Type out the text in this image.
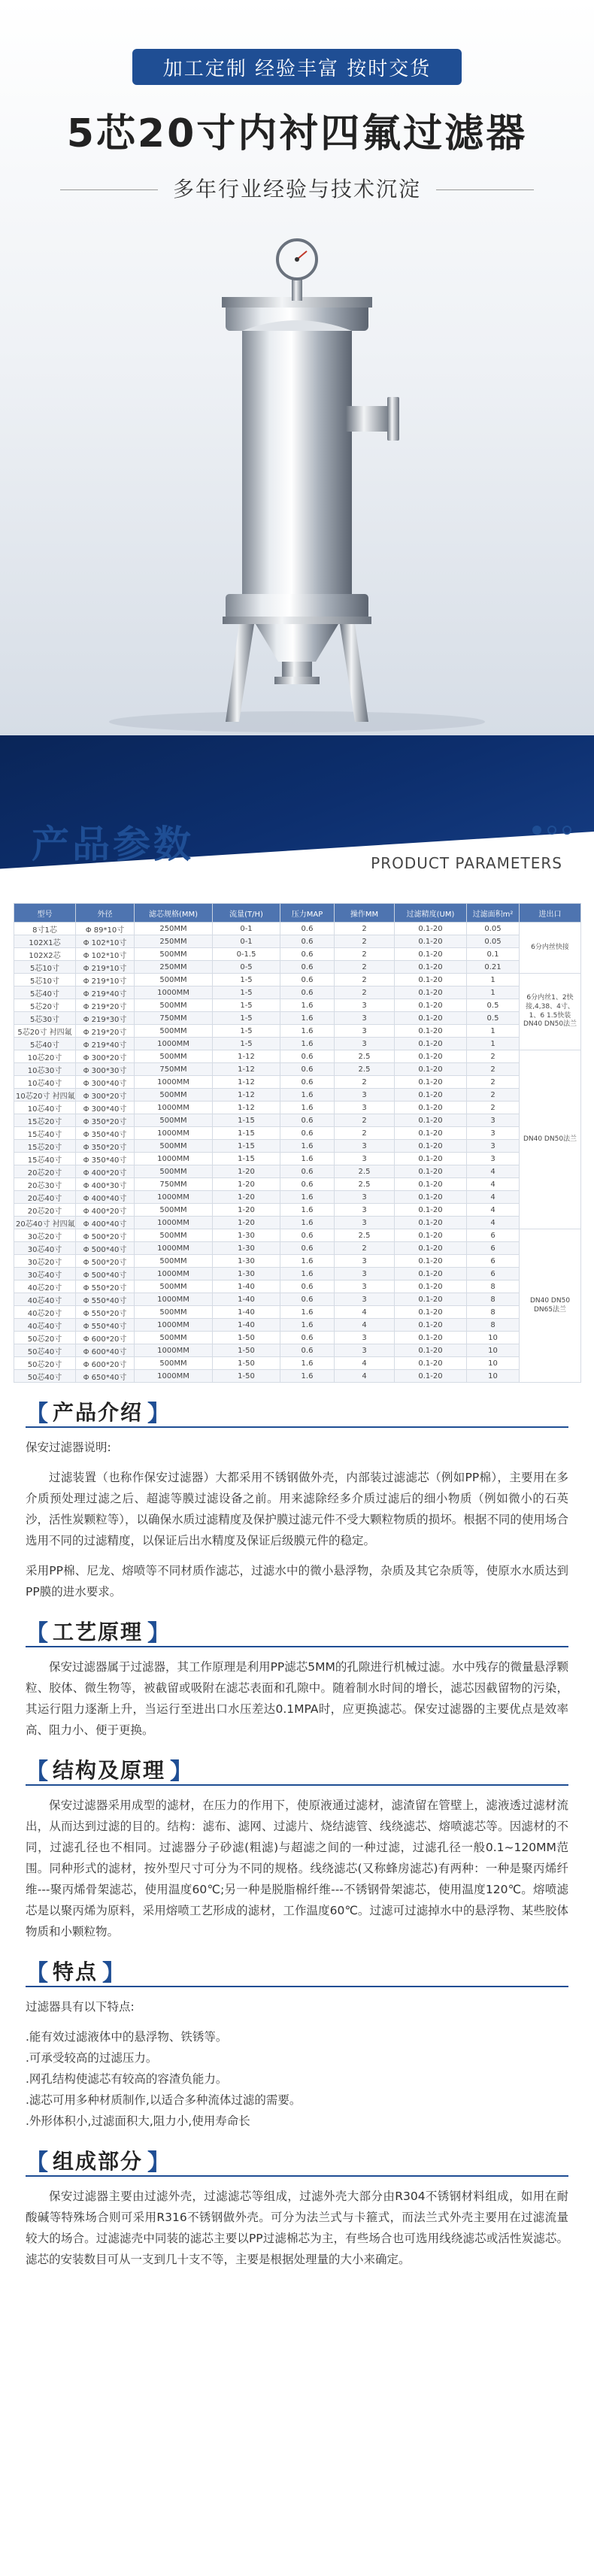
加工定制 经验丰富 按时交货
5芯20寸内衬四氟过滤器
多年行业经验与技术沉淀
产品参数	PRODUCT PARAMETERS
型号	外径	滤芯规格(MM)	流量(T/H)	压力MAP	操作MM	过滤精度(UM)	过滤面积m²	进出口
8寸1芯	Φ 89*10寸	250MM	0-1	0.6	2	0.1-20	0.05	6分内丝快接
102X1芯	Φ 102*10寸	250MM	0-1	0.6	2	0.1-20	0.05	
102X2芯	Φ 102*10寸	500MM	0-1.5	0.6	2	0.1-20	0.1	
5芯10寸	Φ 219*10寸	250MM	0-5	0.6	2	0.1-20	0.21	
5芯10寸	Φ 219*10寸	500MM	1-5	0.6	2	0.1-20	1	6分内丝1、2快接,4,38、4寸、1、6 1.5快装 DN40 DN50法兰
5芯40寸	Φ 219*40寸	1000MM	1-5	0.6	2	0.1-20	1	
5芯20寸	Φ 219*20寸	500MM	1-5	1.6	3	0.1-20	0.5	
5芯30寸	Φ 219*30寸	750MM	1-5	1.6	3	0.1-20	0.5	
5芯20寸 衬四氟	Φ 219*20寸	500MM	1-5	1.6	3	0.1-20	1	
5芯40寸	Φ 219*40寸	1000MM	1-5	1.6	3	0.1-20	1	
10芯20寸	Φ 300*20寸	500MM	1-12	0.6	2.5	0.1-20	2	DN40 DN50法兰
10芯30寸	Φ 300*30寸	750MM	1-12	0.6	2.5	0.1-20	2	
10芯40寸	Φ 300*40寸	1000MM	1-12	0.6	2	0.1-20	2	
10芯20寸 衬四氟	Φ 300*20寸	500MM	1-12	1.6	3	0.1-20	2	
10芯40寸	Φ 300*40寸	1000MM	1-12	1.6	3	0.1-20	2	
15芯20寸	Φ 350*20寸	500MM	1-15	0.6	2	0.1-20	3	
15芯40寸	Φ 350*40寸	1000MM	1-15	0.6	2	0.1-20	3	
15芯20寸	Φ 350*20寸	500MM	1-15	1.6	3	0.1-20	3	
15芯40寸	Φ 350*40寸	1000MM	1-15	1.6	3	0.1-20	3	
20芯20寸	Φ 400*20寸	500MM	1-20	0.6	2.5	0.1-20	4	
20芯30寸	Φ 400*30寸	750MM	1-20	0.6	2.5	0.1-20	4	
20芯40寸	Φ 400*40寸	1000MM	1-20	1.6	3	0.1-20	4	
20芯20寸	Φ 400*20寸	500MM	1-20	1.6	3	0.1-20	4	
20芯40寸 衬四氟	Φ 400*40寸	1000MM	1-20	1.6	3	0.1-20	4	
30芯20寸	Φ 500*20寸	500MM	1-30	0.6	2.5	0.1-20	6	DN40 DN50 DN65法兰
30芯40寸	Φ 500*40寸	1000MM	1-30	0.6	2	0.1-20	6	
30芯20寸	Φ 500*20寸	500MM	1-30	1.6	3	0.1-20	6	
30芯40寸	Φ 500*40寸	1000MM	1-30	1.6	3	0.1-20	6	
40芯20寸	Φ 550*20寸	500MM	1-40	0.6	3	0.1-20	8	
40芯40寸	Φ 550*40寸	1000MM	1-40	0.6	3	0.1-20	8	
40芯20寸	Φ 550*20寸	500MM	1-40	1.6	4	0.1-20	8	
40芯40寸	Φ 550*40寸	1000MM	1-40	1.6	4	0.1-20	8	
50芯20寸	Φ 600*20寸	500MM	1-50	0.6	3	0.1-20	10	
50芯40寸	Φ 600*40寸	1000MM	1-50	0.6	3	0.1-20	10	
50芯20寸	Φ 600*20寸	500MM	1-50	1.6	4	0.1-20	10	
50芯40寸	Φ 650*40寸	1000MM	1-50	1.6	4	0.1-20	10	
【 产品介绍 】

保安过滤器说明:

过滤装置（也称作保安过滤器）大都采用不锈钢做外壳，内部装过滤滤芯（例如PP棉），主要用在多介质预处理过滤之后、超滤等膜过滤设备之前。用来滤除经多介质过滤后的细小物质（例如微小的石英沙，活性炭颗粒等），以确保水质过滤精度及保护膜过滤元件不受大颗粒物质的损坏。根据不同的使用场合选用不同的过滤精度，以保证后出水精度及保证后级膜元件的稳定。

采用PP棉、尼龙、熔喷等不同材质作滤芯，过滤水中的微小悬浮物，杂质及其它杂质等，使原水水质达到PP膜的进水要求。

【 工艺原理 】

保安过滤器属于过滤器，其工作原理是利用PP滤芯5MM的孔隙进行机械过滤。水中残存的微量悬浮颗粒、胶体、微生物等，被截留或吸附在滤芯表面和孔隙中。随着制水时间的增长，滤芯因截留物的污染，其运行阻力逐渐上升，当运行至进出口水压差达0.1MPA时，应更换滤芯。保安过滤器的主要优点是效率高、阻力小、便于更换。

【 结构及原理 】

保安过滤器采用成型的滤材，在压力的作用下，使原液通过滤材，滤渣留在管壁上，滤液透过滤材流出，从而达到过滤的目的。结构：滤布、滤网、过滤片、烧结滤管、线绕滤芯、熔喷滤芯等。因滤材的不同，过滤孔径也不相同。过滤器分子砂滤(粗滤)与超滤之间的一种过滤，过滤孔径一般0.1~120MM范围。同种形式的滤材，按外型尺寸可分为不同的规格。线绕滤芯(又称蜂房滤芯)有两种：一种是聚丙烯纤维---聚丙烯骨架滤芯，使用温度60℃;另一种是脱脂棉纤维---不锈钢骨架滤芯，使用温度120℃。熔喷滤芯是以聚丙烯为原料，采用熔喷工艺形成的滤材，工作温度60℃。过滤可过滤掉水中的悬浮物、某些胶体物质和小颗粒物。

【 特点 】

过滤器具有以下特点:

.能有效过滤液体中的悬浮物、铁锈等。
.可承受较高的过滤压力。
.网孔结构使滤芯有较高的容渣负能力。
.滤芯可用多种材质制作,以适合多种流体过滤的需要。
.外形体积小,过滤面积大,阻力小,使用寿命长
【 组成部分 】

保安过滤器主要由过滤外壳，过滤滤芯等组成，过滤外壳大部分由R304不锈钢材料组成，如用在耐酸碱等特殊场合则可采用R316不锈钢做外壳。可分为法兰式与卡箍式，而法兰式外壳主要用在过滤流量较大的场合。过滤滤壳中同装的滤芯主要以PP过滤棉芯为主，有些场合也可选用线绕滤芯或活性炭滤芯。滤芯的安装数目可从一支到几十支不等，主要是根据处理量的大小来确定。
